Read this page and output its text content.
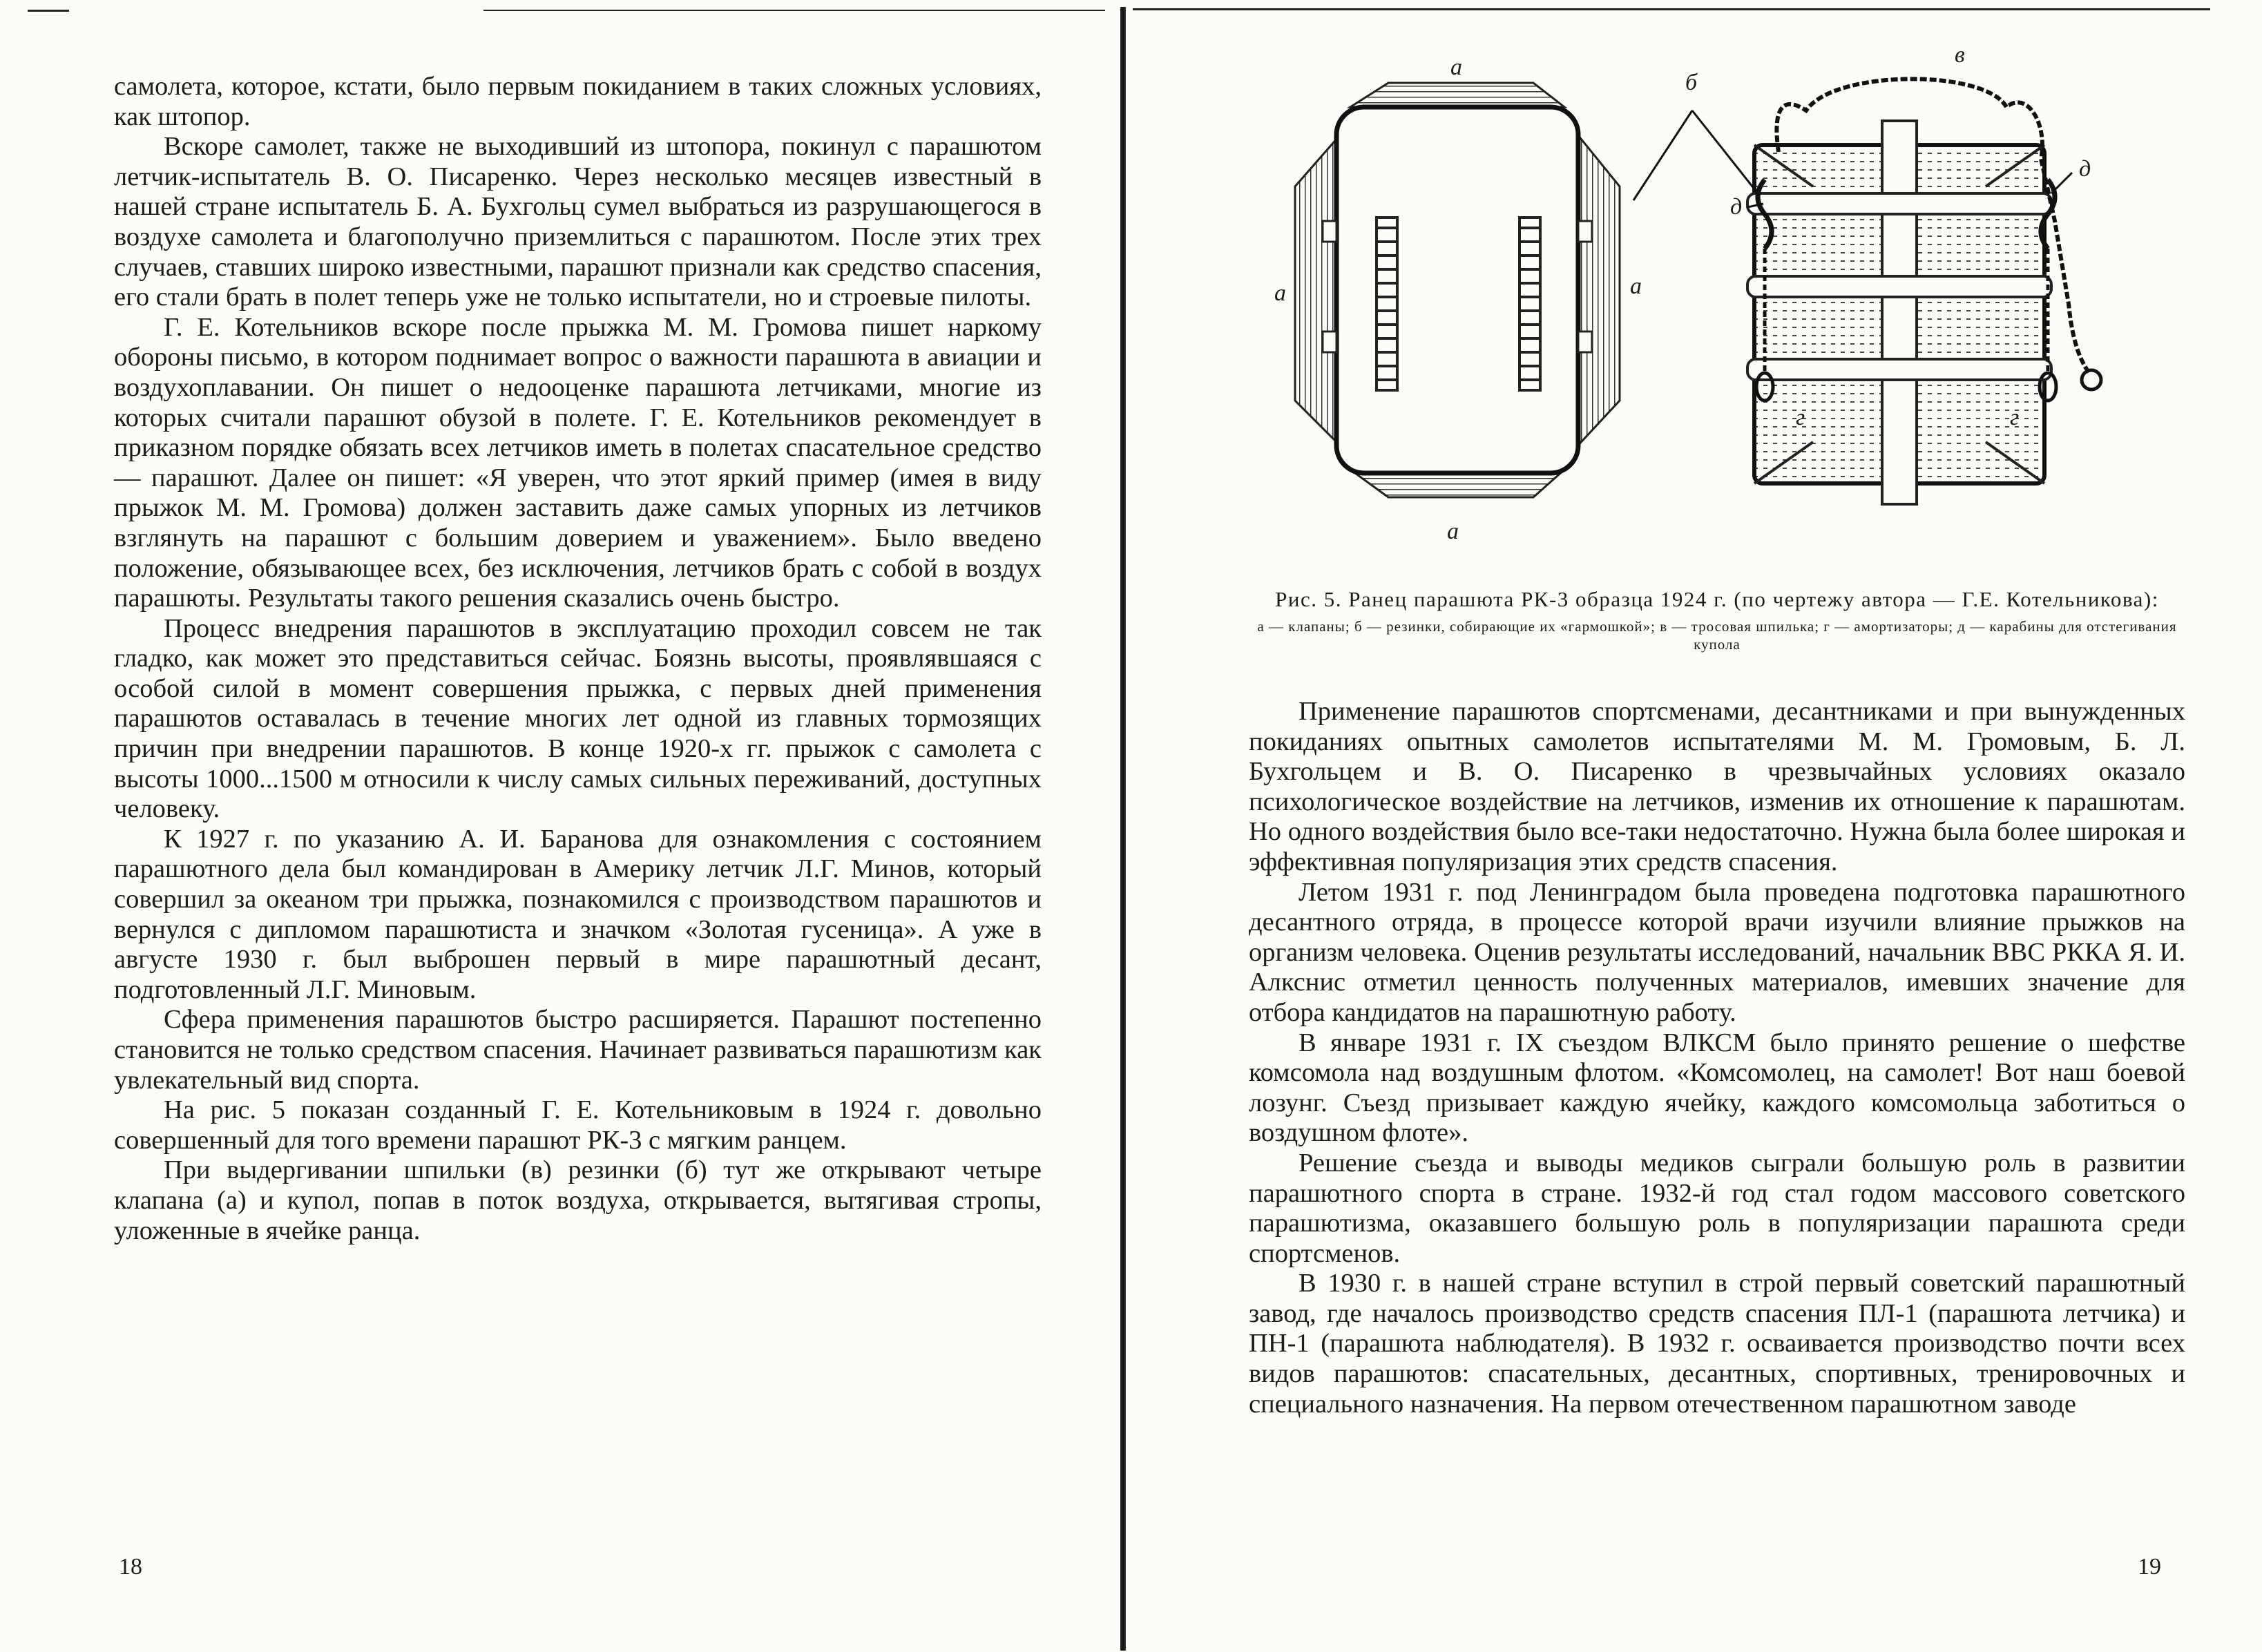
самолета, которое, кстати, было первым покиданием в таких сложных условиях, как штопор.

Вскоре самолет, также не выходивший из штопора, покинул с парашютом летчик-испытатель В. О. Писаренко. Через несколько месяцев известный в нашей стране испытатель Б. А. Бухгольц сумел выбраться из разрушающегося в воздухе самолета и благополучно приземлиться с парашютом. После этих трех случаев, ставших широко известными, парашют признали как средство спасения, его стали брать в полет теперь уже не только испытатели, но и строевые пилоты.

Г. Е. Котельников вскоре после прыжка М. М. Громова пишет наркому обороны письмо, в котором поднимает вопрос о важности парашюта в авиации и воздухоплавании. Он пишет о недооценке парашюта летчиками, многие из которых считали парашют обузой в полете. Г. Е. Котельников рекомендует в приказном порядке обязать всех летчиков иметь в полетах спасательное средство — парашют. Далее он пишет: «Я уверен, что этот яркий пример (имея в виду прыжок М. М. Громова) должен заставить даже самых упорных из летчиков взглянуть на парашют с большим доверием и уважением». Было введено положение, обязывающее всех, без исключения, летчиков брать с собой в воздух парашюты. Результаты такого решения сказались очень быстро.

Процесс внедрения парашютов в эксплуатацию проходил совсем не так гладко, как может это представиться сейчас. Боязнь высоты, проявлявшаяся с особой силой в момент совершения прыжка, с первых дней применения парашютов оставалась в течение многих лет одной из главных тормозящих причин при внедрении парашютов. В конце 1920-х гг. прыжок с самолета с высоты 1000...1500 м относили к числу самых сильных переживаний, доступных человеку.

К 1927 г. по указанию А. И. Баранова для ознакомления с состоянием парашютного дела был командирован в Америку летчик Л.Г. Минов, который совершил за океаном три прыжка, познакомился с производством парашютов и вернулся с дипломом парашютиста и значком «Золотая гусеница». А уже в августе 1930 г. был выброшен первый в мире парашютный десант, подготовленный Л.Г. Миновым.

Сфера применения парашютов быстро расширяется. Парашют постепенно становится не только средством спасения. Начинает развиваться парашютизм как увлекательный вид спорта.

На рис. 5 показан созданный Г. Е. Котельниковым в 1924 г. довольно совершенный для того времени парашют РК-3 с мягким ранцем.

При выдергивании шпильки (в) резинки (б) тут же открывают четыре клапана (а) и купол, попав в поток воздуха, открывается, вытягивая стропы, уложенные в ячейке ранца.

18
а
а	а
а
б
в
д
д
г	г
Рис. 5. Ранец парашюта РК-3 образца 1924 г. (по чертежу автора — Г.Е. Котельникова):
а — клапаны; б — резинки, собирающие их «гармошкой»; в — тросовая шпилька; г — амортизаторы; д — карабины для отстегивания купола

Применение парашютов спортсменами, десантниками и при вынужденных покиданиях опытных самолетов испытателями М. М. Громовым, Б. Л. Бухгольцем и В. О. Писаренко в чрезвычайных условиях оказало психологическое воздействие на летчиков, изменив их отношение к парашютам. Но одного воздействия было все-таки недостаточно. Нужна была более широкая и эффективная популяризация этих средств спасения.

Летом 1931 г. под Ленинградом была проведена подготовка парашютного десантного отряда, в процессе которой врачи изучили влияние прыжков на организм человека. Оценив результаты исследований, начальник ВВС РККА Я. И. Алкснис отметил ценность полученных материалов, имевших значение для отбора кандидатов на парашютную работу.

В январе 1931 г. IX съездом ВЛКСМ было принято решение о шефстве комсомола над воздушным флотом. «Комсомолец, на самолет! Вот наш боевой лозунг. Съезд призывает каждую ячейку, каждого комсомольца заботиться о воздушном флоте».

Решение съезда и выводы медиков сыграли большую роль в развитии парашютного спорта в стране. 1932-й год стал годом массового советского парашютизма, оказавшего большую роль в популяризации парашюта среди спортсменов.

В 1930 г. в нашей стране вступил в строй первый советский парашютный завод, где началось производство средств спасения ПЛ-1 (парашюта летчика) и ПН-1 (парашюта наблюдателя). В 1932 г. осваивается производство почти всех видов парашютов: спасательных, десантных, спортивных, тренировочных и специального назначения. На первом отечественном парашютном заводе

19
